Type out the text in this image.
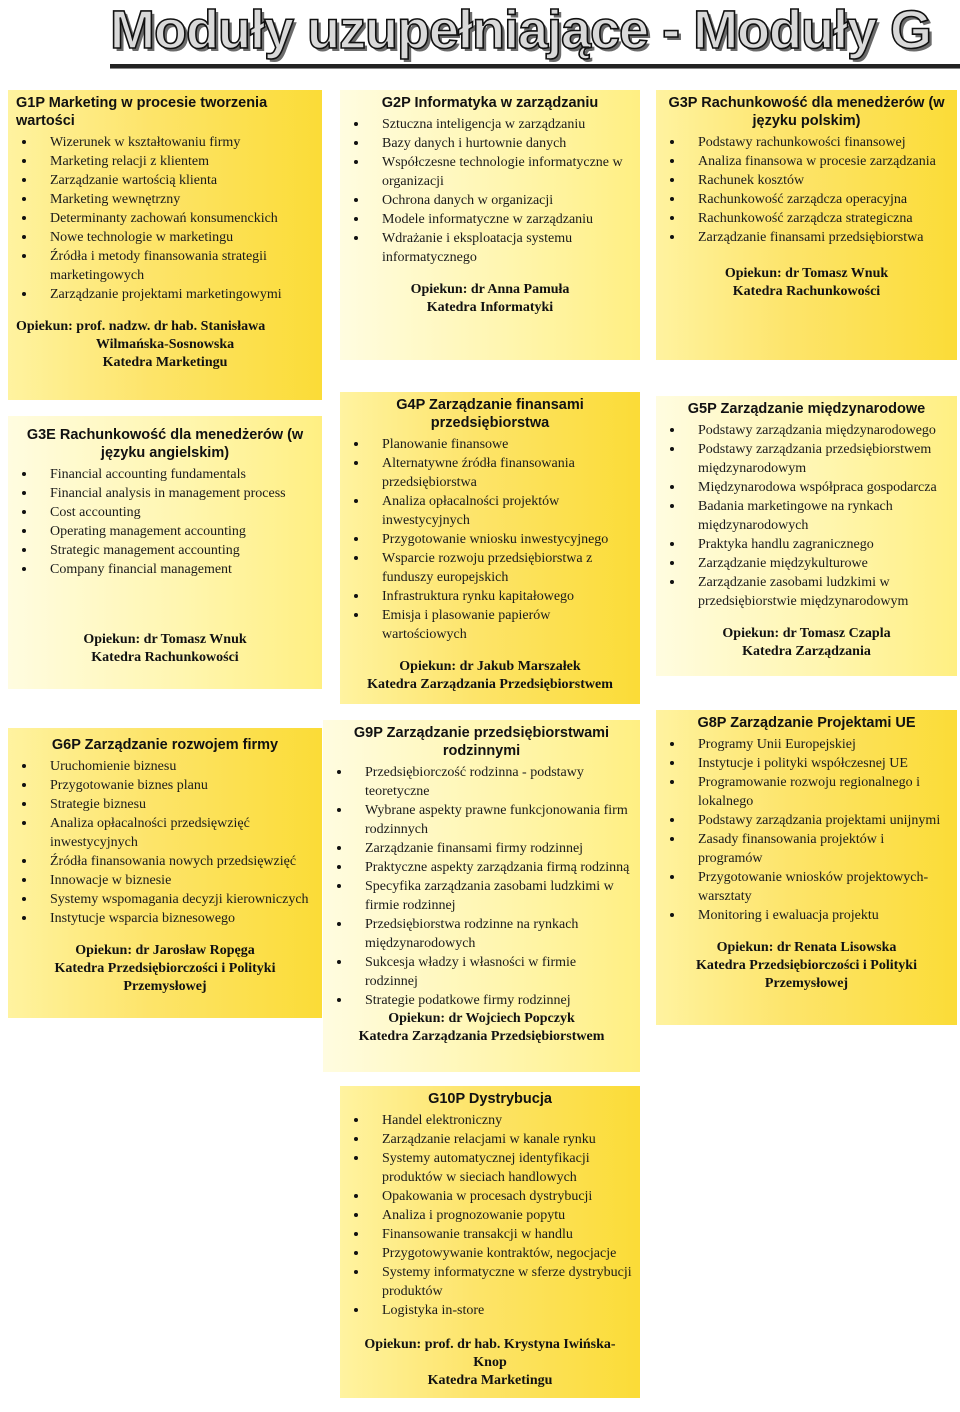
Moduły uzupełniające - Moduły G
G1P Marketing w procesie tworzenia wartości
Wizerunek w kształtowaniu firmy
Marketing relacji z klientem
Zarządzanie wartością klienta
Marketing wewnętrzny
Determinanty zachowań konsumenckich
Nowe technologie w marketingu
Źródła i metody finansowania strategii marketingowych
Zarządzanie projektami marketingowymi
Opiekun: prof. nadzw. dr hab. Stanisława
Wilmańska-Sosnowska
Katedra Marketingu
G2P Informatyka w zarządzaniu
Sztuczna inteligencja w zarządzaniu
Bazy danych i hurtownie danych
Współczesne technologie informatyczne w organizacji
Ochrona danych w organizacji
Modele informatyczne w zarządzaniu
Wdrażanie i eksploatacja systemu informatycznego
Opiekun: dr Anna Pamuła
Katedra Informatyki
G3P Rachunkowość dla menedżerów (w języku polskim)
Podstawy rachunkowości finansowej
Analiza finansowa w procesie zarządzania
Rachunek kosztów
Rachunkowość zarządcza operacyjna
Rachunkowość zarządcza strategiczna
Zarządzanie finansami przedsiębiorstwa
Opiekun: dr Tomasz Wnuk
Katedra Rachunkowości
G3E Rachunkowość dla menedżerów (w języku angielskim)
Financial accounting fundamentals
Financial analysis in management process
Cost accounting
Operating management accounting
Strategic management accounting
Company financial management
Opiekun: dr Tomasz Wnuk
Katedra Rachunkowości
G4P Zarządzanie finansami przedsiębiorstwa
Planowanie finansowe
Alternatywne źródła finansowania przedsiębiorstwa
Analiza opłacalności projektów inwestycyjnych
Przygotowanie wniosku inwestycyjnego
Wsparcie rozwoju przedsiębiorstwa z funduszy europejskich
Infrastruktura rynku kapitałowego
Emisja i plasowanie papierów wartościowych
Opiekun: dr Jakub Marszałek
Katedra Zarządzania Przedsiębiorstwem
G5P Zarządzanie międzynarodowe
Podstawy zarządzania międzynarodowego
Podstawy zarządzania przedsiębiorstwem międzynarodowym
Międzynarodowa współpraca gospodarcza
Badania marketingowe na rynkach międzynarodowych
Praktyka handlu zagranicznego
Zarządzanie międzykulturowe
Zarządzanie zasobami ludzkimi w przedsiębiorstwie międzynarodowym
Opiekun: dr Tomasz Czapla
Katedra Zarządzania
G6P Zarządzanie rozwojem firmy
Uruchomienie biznesu
Przygotowanie biznes planu
Strategie biznesu
Analiza opłacalności przedsięwzięć inwestycyjnych
Źródła finansowania nowych przedsięwzięć
Innowacje w biznesie
Systemy wspomagania decyzji kierowniczych
Instytucje wsparcia biznesowego
Opiekun: dr Jarosław Ropęga
Katedra Przedsiębiorczości i Polityki Przemysłowej
G9P Zarządzanie przedsiębiorstwami rodzinnymi
Przedsiębiorczość rodzinna - podstawy teoretyczne
Wybrane aspekty prawne funkcjonowania firm rodzinnych
Zarządzanie finansami firmy rodzinnej
Praktyczne aspekty zarządzania firmą rodzinną
Specyfika zarządzania zasobami ludzkimi w firmie rodzinnej
Przedsiębiorstwa rodzinne na rynkach międzynarodowych
Sukcesja władzy i własności w firmie rodzinnej
Strategie podatkowe firmy rodzinnej
Opiekun: dr Wojciech Popczyk
Katedra Zarządzania Przedsiębiorstwem
G8P Zarządzanie Projektami UE
Programy Unii Europejskiej
Instytucje i polityki współczesnej UE
Programowanie rozwoju regionalnego i lokalnego
Podstawy zarządzania projektami unijnymi
Zasady finansowania projektów i programów
Przygotowanie wniosków projektowych-warsztaty
Monitoring i ewaluacja projektu
Opiekun: dr Renata Lisowska
Katedra Przedsiębiorczości i Polityki Przemysłowej
G10P Dystrybucja
Handel elektroniczny
Zarządzanie relacjami w kanale rynku
Systemy automatycznej identyfikacji produktów w sieciach handlowych
Opakowania w procesach dystrybucji
Analiza i prognozowanie popytu
Finansowanie transakcji w handlu
Przygotowywanie kontraktów, negocjacje
Systemy informatyczne w sferze dystrybucji produktów
Logistyka in-store
Opiekun: prof. dr hab. Krystyna Iwińska-Knop
Katedra Marketingu
